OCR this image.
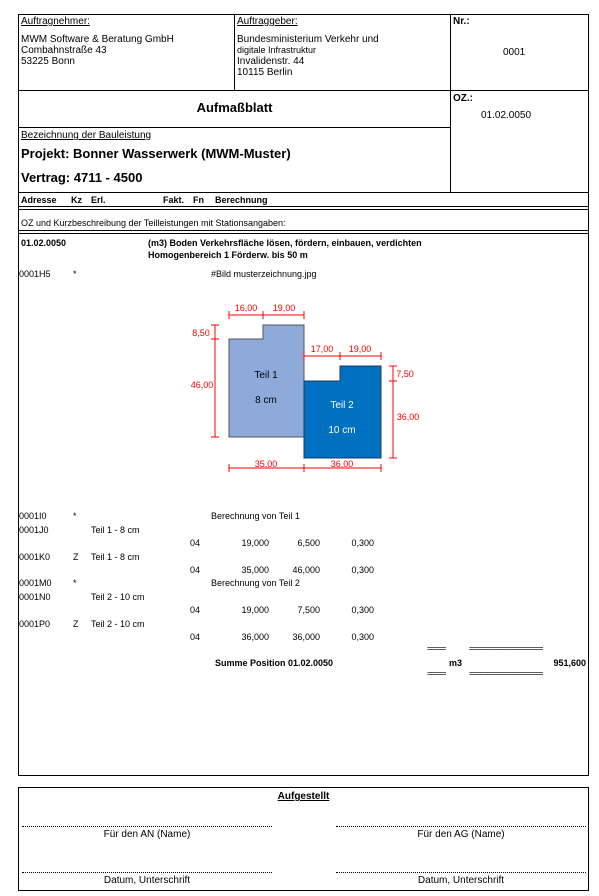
Auftragnehmer:
MWM Software & Beratung GmbH
Combahnstraße 43
53225 Bonn
Auftraggeber:
Bundesministerium Verkehr und
digitale Infrastruktur
Invalidenstr. 44
10115 Berlin
Nr.:
0001
Aufmaßblatt
OZ.:
01.02.0050
Bezeichnung der Bauleistung
Projekt: Bonner Wasserwerk (MWM-Muster)
Vertrag: 4711 - 4500
Adresse Kz Erl.	Fakt. Fn Berechnung
OZ und Kurzbeschreibung der Teilleistungen mit Stationsangaben:
01.02.0050	(m3) Boden Verkehrsfläche lösen, fördern, einbauen, verdichten
Homogenbereich 1 Förderw. bis 50 m
0001H5 *	#Bild musterzeichnung.jpg
Teil 1
8 cm	Teil 2
10 cm
16,00 19,00
8,50
46,00
17,00 19,00
7,50
36,00
35,00	36,00
0001I0	*	Berechnung von Teil 1
0001J0	Teil 1 - 8 cm
04	19,000	6,500	0,300
0001K0	Z Teil 1 - 8 cm
04	35,000	46,000	0,300
0001M0 *	Berechnung von Teil 2
0001N0	Teil 2 - 10 cm
04	19,000	7,500	0,300
0001P0	Z Teil 2 - 10 cm
04	36,000	36,000	0,300
=====	====================
Summe Position 01.02.0050	m3	951,600
=====	====================
Aufgestellt
Für den AN (Name)	Für den AG (Name)
Datum, Unterschrift	Datum, Unterschrift
